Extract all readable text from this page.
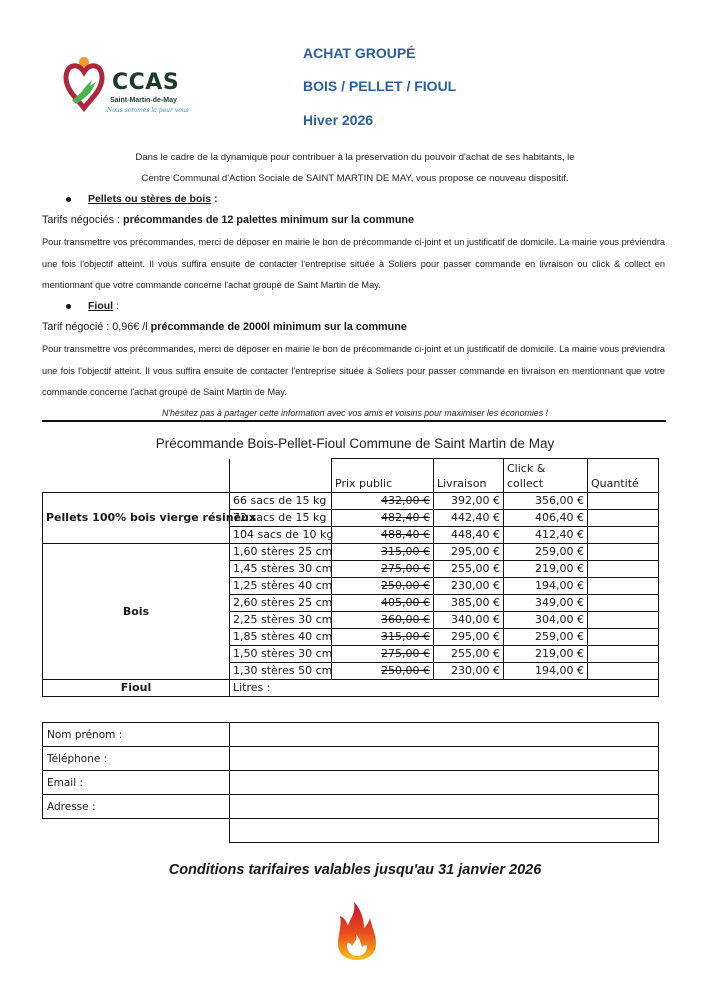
CCAS
Saint-Martin-de-May
Nous sommes là pour vous
ACHAT GROUPÉ
BOIS / PELLET / FIOUL
Hiver 2026
Dans le cadre de la dynamique pour contribuer à la préservation du pouvoir d'achat de ses habitants, le
Centre Communal d'Action Sociale de SAINT MARTIN DE MAY, vous propose ce nouveau dispositif.
Pellets ou stères de bois :
Tarifs négociés : précommandes de 12 palettes minimum sur la commune
Pour transmettre vos précommandes, merci de déposer en mairie le bon de précommande ci-joint et un justificatif de domicile. La mairie vous préviendra une fois l'objectif atteint. Il vous suffira ensuite de contacter l'entreprise située à Soliers pour passer commande en livraison ou click & collect en mentionnant que votre commande concerne l'achat groupé de Saint Martin de May.
Fioul :
Tarif négocié : 0,96€ /l précommande de 2000l minimum sur la commune
Pour transmettre vos précommandes, merci de déposer en mairie le bon de précommande ci-joint et un justificatif de domicile. La mairie vous préviendra une fois l'objectif atteint. Il vous suffira ensuite de contacter l'entreprise située à Soliers pour passer commande en livraison en mentionnant que votre commande concerne l'achat groupé de Saint Martin de May.
N'hésitez pas à partager cette information avec vos amis et voisins pour maximiser les économies !
Précommande Bois-Pellet-Fioul Commune de Saint Martin de May
		Prix public	Livraison	Click & collect	Quantité
Pellets 100% bois vierge résineux	66 sacs de 15 kg	432,00 €	392,00 €	356,00 €	
	72 sacs de 15 kg	482,40 €	442,40 €	406,40 €	
	104 sacs de 10 kg	488,40 €	448,40 €	412,40 €	
Bois	1,60 stères 25 cm	315,00 €	295,00 €	259,00 €	
	1,45 stères 30 cm	275,00 €	255,00 €	219,00 €	
	1,25 stères 40 cm	250,00 €	230,00 €	194,00 €	
	2,60 stères 25 cm	405,00 €	385,00 €	349,00 €	
	2,25 stères 30 cm	360,00 €	340,00 €	304,00 €	
	1,85 stères 40 cm	315,00 €	295,00 €	259,00 €	
	1,50 stères 30 cm	275,00 €	255,00 €	219,00 €	
	1,30 stères 50 cm	250,00 €	230,00 €	194,00 €	
Fioul	Litres :				
Nom prénom :	
Téléphone :	
Email :	
Adresse :	

Conditions tarifaires valables jusqu'au 31 janvier 2026
